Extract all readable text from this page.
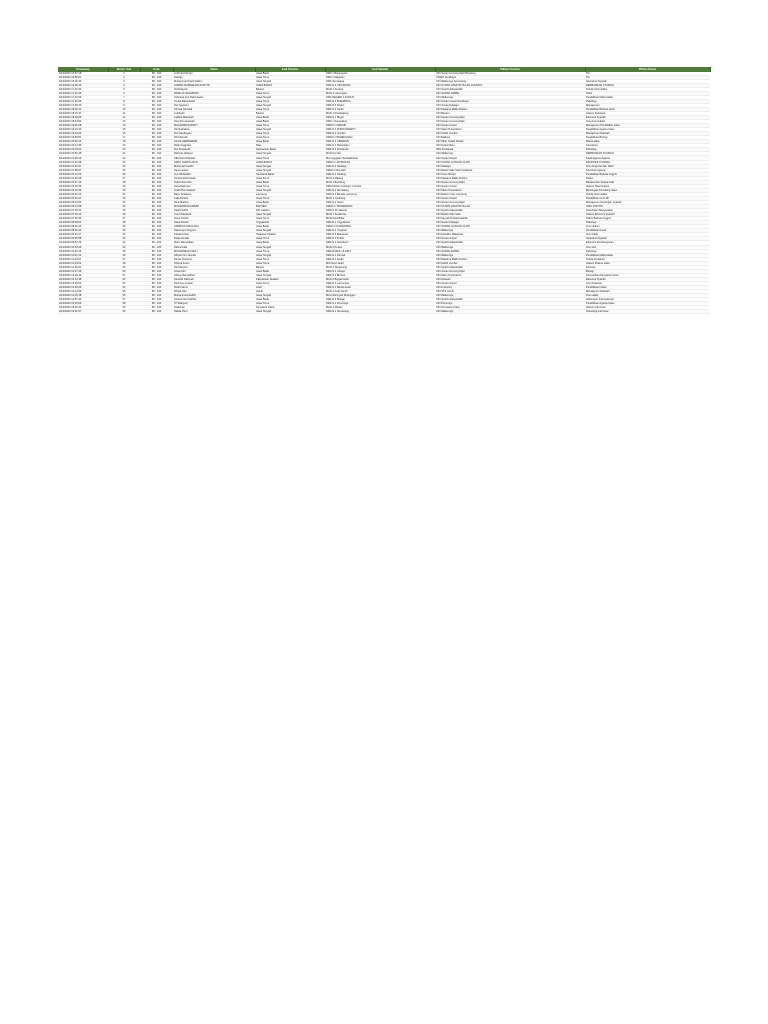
Timestamp	Nomor Urut	Kode	Nama	Asal Provinsi	Asal Sekolah	Pilihan Pertama	Pilihan Kedua
2/13/2020 15:57:18	1	38 - 100	Lutfi Nurrohman	Jawa Barat	SMA 1 Bojonegoro	UIN Sunan Gunung Djati Bandung	Psi
2/13/2020 15:59:01	2	38 - 100	Sukotjo	Jawa Timur	SMA 1 Magetan	UNAIR Surabaya	Psi
2/13/2020 16:02:44	3	38 - 100	Muhammad Farid Hakim	Jawa Tengah	SMA Semarang	UIN Walisongo Semarang	Akuntansi Syariah
2/13/2020 16:05:12	4	38 - 100	AHMAD RAMADHAN ROSYID	JAWA BARAT	SMA N 1 CIKARANG	UIN SYARIF HIDAYATULLAH JAKARTA	PERBANKAN SYARIAH
2/13/2020 17:01:33	5	38 - 100	Nurhidayah	Banten	MAN 2 Serang	UIN Syarif Hidayatullah	Teknik Informatika
2/13/2020 17:10:45	6	38 - 100	PARE ALI MAHMUDI	Jawa Timur	MAN 1 Lamongan	UIN SUNAN AMPEL	Tafsir
2/13/2020 17:22:09	7	38 - 100	Febriana Ayu Rahmawati	Jawa Tengah	SMA NEGERI 1 KUDUS	UIN Walisongo	Pendidikan Matematika
2/13/2020 17:31:56	8	38 - 100	Yunita Rahmawati	Jawa Timur	SMA N 1 SURABAYA	UIN Sunan Ampel Surabaya	Psikologi
2/13/2020 17:48:20	9	38 - 100	Dwi Septiani	Jawa Tengah	SMA N 3 Klaten	UIN Sunan Kalijaga	Manajemen
2/13/2020 18:02:11	10	38 - 100	Ahmad Nurhadi	Jawa Timur	SMA N 2 Kediri	UIN Maulana Malik Ibrahim	Pendidikan Bahasa Arab
2/13/2020 18:15:37	11	38 - 100	Luthfiyah	Banten	MAN 1 Pandeglang	UIN Banten	Hukum Keluarga
2/13/2020 18:30:05	12	38 - 100	Lailatul Mardiyah	Jawa Barat	SMA N 1 Bogor	UIN Sunan Gunung Djati	Ekonomi Syariah
2/13/2020 18:44:52	13	38 - 100	Dian Purnamasari	Jawa Barat	SMA 1 Sumedang	UIN Sunan Gunung Djati	Ilmu Komunikasi
2/13/2020 19:01:28	14	38 - 100	MUHAMMAD RIZKY	Jawa Timur	SMAN 1 GRESIK	UIN Sunan Ampel	Manajemen Pendidikan Islam
2/13/2020 19:15:40	15	38 - 100	Siti Nurhaliza	Jawa Tengah	SMA N 1 PURWOKERTO	UIN Saizu Purwokerto	Pendidikan Agama Islam
2/13/2020 19:33:03	16	38 - 100	Fitri Handayani	Jawa Timur	SMA N 1 Jember	UIN KHAS Jember	Manajemen Dakwah
2/13/2020 19:48:51	17	38 - 100	Siti Fatimah	Jawa Timur	SMAN 1 PAMEKASAN	UIN Madura	Pendidikan Biologi
2/13/2020 20:02:14	18	38 - 100	AGUS HERMAWAN	Jawa Barat	SMA N 1 CIREBON	UIN Siber Syekh Nurjati	Matematika
2/13/2020 20:17:39	19	38 - 100	Rizki Anggraini	Riau	SMA N 1 Pekanbaru	UIN Suska Riau	Akuntansi
2/13/2020 20:33:02	20	38 - 100	Nur Khasanah	Kalimantan Barat	SMA N 3 Pontianak	IAIN Pontianak	Psikologi
2/13/2020 20:51:45	21	38 - 100	Rahmat Hidayat	Jawa Tengah	MAN Kendal	UIN Walisongo	PERBANKAN SYARIAH
2/13/2020 21:06:16	22	38 - 100	Ulfa Nurul Hikmah	Jawa Timur	MA Unggulan Tambakberas	UIN Sunan Ampel	Studi Agama-Agama
2/13/2020 21:22:58	23	38 - 100	FATIH NURFAUZAN	JAWA BARAT	SMAN 1 JATIWANGI	UIN SUNAN GUNUNG DJATI	EKONOMI SYARIAH
2/13/2020 21:40:31	24	38 - 100	Mohamad Fadhil	Jawa Tengah	SMA N 2 Salatiga	UIN Salatiga	Ilmu Al-Quran dan Tafsir
2/13/2020 21:58:07	25	38 - 100	Dewi Lestari	Jawa Tengah	SMAN 1 Boyolali	UIN Raden Mas Said Surakarta	Sosiologi Agama
2/13/2020 22:14:23	26	38 - 100	Ayu Wulandari	Sumatera Barat	SMA N 1 Padang	UIN Imam Bonjol	Pendidikan Bahasa Inggris
2/13/2020 22:30:48	27	38 - 100	Annisa Rahmawati	Jawa Timur	MAN 2 Malang	UIN Maulana Malik Ibrahim	Fisika
2/13/2020 22:47:19	28	38 - 100	Syifa Nurul Aini	Jawa Barat	MAN 1 Bandung	UIN Sunan Gunung Djati	Bahasa dan Sastra Arab
2/13/2020 23:02:55	29	38 - 100	Aulia Rahman	Jawa Timur	SMA Muhammadiyah 1 Gresik	UIN Sunan Ampel	Hukum Tata Negara
2/13/2020 23:19:36	30	38 - 100	Indah Permatasari	Jawa Tengah	SMA N 1 Pemalang	UIN Saizu Purwokerto	Bimbingan Konseling Islam
2/14/2020 05:40:12	31	38 - 100	Bayu Setiawan	Lampung	SMA N 2 Bandar Lampung	UIN Raden Intan Lampung	Teknik Informatika
2/14/2020 06:01:27	32	38 - 100	Laila Fitriani	Jawa Timur	MAN 1 Jombang	UIN Sunan Ampel	Pendidikan Guru MI
2/14/2020 06:22:54	33	38 - 100	Rina Marlina	Jawa Barat	SMA N 1 Garut	UIN Sunan Gunung Djati	Manajemen Keuangan Syariah
2/14/2020 06:44:08	34	38 - 100	MUHAMMAD AKBAR	BANTEN	SMAN 1 TANGERANG	UIN SYARIF HIDAYATULLAH	ILMU POLITIK
2/14/2020 07:03:41	35	38 - 100	Nadia Safitri	DKI Jakarta	SMA N 28 Jakarta	UIN Syarif Hidayatullah	Kesehatan Masyarakat
2/14/2020 07:25:13	36	38 - 100	Yusuf Maulana	Jawa Tengah	MAN 1 Surakarta	UIN Raden Mas Said	Hukum Ekonomi Syariah
2/14/2020 07:46:39	37	38 - 100	Nurul Azizah	Jawa Timur	MAN Kota Blitar	UIN Sayyid Ali Rahmatullah	Tadris Bahasa Inggris
2/14/2020 08:09:02	38	38 - 100	Hana Pertiwi	Yogyakarta	SMA N 1 Yogyakarta	UIN Sunan Kalijaga	Psikologi
2/14/2020 08:31:20	39	38 - 100	ANDRIAN MAULANA	Jawa Barat	SMAN 1 KARAWANG	UIN SUNAN GUNUNG DJATI	Ilmu Hukum
2/14/2020 08:52:44	40	38 - 100	Sekar Ayu Ningrum	Jawa Tengah	SMA N 1 Ungaran	UIN Walisongo	Pendidikan Kimia
2/14/2020 09:14:17	41	38 - 100	Faisal Anwar	Sulawesi Selatan	SMA N 5 Makassar	UIN Alauddin Makassar	Ilmu Falak
2/14/2020 09:35:58	42	38 - 100	Riska Amelia	Jawa Timur	SMA N 1 Tuban	UIN Sunan Ampel	Akuntansi Syariah
2/14/2020 09:57:26	43	38 - 100	Ilham Ramadhan	Jawa Barat	SMA N 1 Sukabumi	UIN Syarif Hidayatullah	Ekonomi Pembangunan
2/14/2020 10:18:49	44	38 - 100	Zahra Aulia	Jawa Tengah	MAN 2 Kudus	UIN Walisongo	Ilmu Gizi
2/14/2020 10:40:15	45	38 - 100	MUHAMMAD FADLI	Jawa Timur	SMA DARUL ULUM 2	UIN SUNAN AMPEL	Psikologi
2/14/2020 11:01:33	46	38 - 100	Alfiyah Nur Jannah	Jawa Tengah	SMA N 1 Demak	UIN Walisongo	Pendidikan Matematika
2/14/2020 11:23:07	47	38 - 100	Dimas Prasetyo	Jawa Timur	SMA N 1 Kediri	UIN Maulana Malik Ibrahim	Teknik Arsitektur
2/14/2020 11:44:52	48	38 - 100	Khoirul Anam	Jawa Timur	MA Nurul Jadid	UIN KHAS Jember	Hukum Pidana Islam
2/14/2020 12:06:21	49	38 - 100	Siti Maryam	Banten	MAN 2 Tangerang	UIN Syarif Hidayatullah	Farmasi
2/14/2020 12:27:46	50	38 - 100	Anisa Fitri	Jawa Barat	SMA N 1 Cianjur	UIN Sunan Gunung Djati	Biologi
2/14/2020 12:49:10	51	38 - 100	Gilang Ramadhan	Jawa Tengah	SMA N 1 Brebes	UIN Saizu Purwokerto	Komunikasi Penyiaran Islam
2/14/2020 13:10:38	52	38 - 100	Fauziah Rahmah	Kalimantan Selatan	MAN 2 Banjarmasin	UIN Antasari	Ekonomi Syariah
2/14/2020 13:32:04	53	38 - 100	Putri Ayu Lestari	Jawa Timur	SMA N 1 Lamongan	UIN Sunan Ampel	Ilmu Kelautan
2/14/2020 13:53:29	54	38 - 100	Rizal Fahmi	Aceh	SMA N 1 Banda Aceh	UIN Ar-Raniry	Pendidikan Fisika
2/14/2020 14:14:55	55	38 - 100	Winda Sari	Jambi	MAN 1 Kota Jambi	UIN STS Jambi	Manajemen Dakwah
2/14/2020 14:36:18	56	38 - 100	Muhammad Hafidz	Jawa Tengah	MA Futuhiyyah Mranggen	UIN Walisongo	Ilmu Hadis
2/14/2020 14:57:44	57	38 - 100	Annisa Nur Fadhila	Jawa Barat	SMA N 2 Bekasi	UIN Syarif Hidayatullah	Hubungan Internasional
2/14/2020 15:19:06	58	38 - 100	Tri Wahyuni	Jawa Timur	SMA N 1 Ponorogo	UIN Ponorogo	Pendidikan Agama Islam
2/14/2020 15:40:31	59	38 - 100	Sulaiman	Sumatera Utara	MAN 1 Medan	UIN Sumatera Utara	Sistem Informasi
2/14/2020 16:01:57	60	38 - 100	Nabila Putri	Jawa Tengah	SMA N 1 Semarang	UIN Walisongo	Teknologi Informasi
